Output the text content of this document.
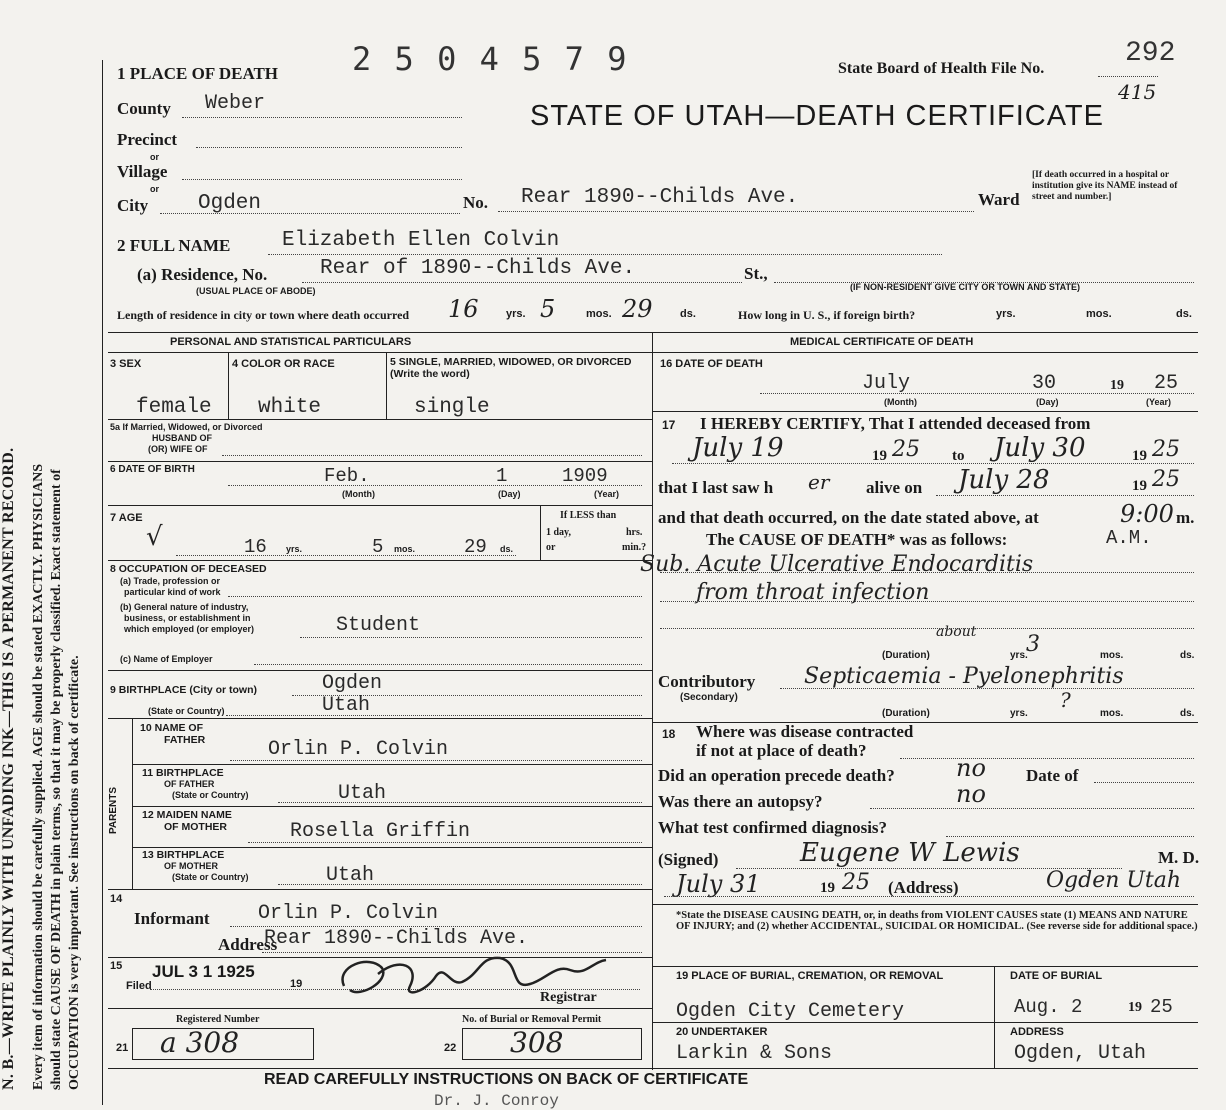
N. B.—WRITE PLAINLY WITH UNFADING INK—THIS IS A PERMANENT RECORD. Every item of information should be carefully supplied. AGE should be stated EXACTLY. PHYSICIANS should state CAUSE OF DEATH in plain terms, so that it may be properly classified. Exact statement of OCCUPATION is very important. See instructions on back of certificate.
1 PLACE OF DEATH 2 5 0 4 5 7 9	State Board of Health File No.	292
415
STATE OF UTAH—DEATH CERTIFICATE
County Weber
Precinct
or
Village
or
City Ogden	No. Rear 1890--Childs Ave.	Ward
[If death occurred in a hospital or institution give its NAME instead of street and number.]
2 FULL NAME Elizabeth Ellen Colvin
(a) Residence, No.	Rear of 1890--Childs Ave.	St.,
(USUAL PLACE OF ABODE)	(IF NON-RESIDENT GIVE CITY OR TOWN AND STATE)
Length of residence in city or town where death occurred 16 yrs. 5	mos. 29 ds.	How long in U. S., if foreign birth?	yrs.	mos.	ds.
PERSONAL AND STATISTICAL PARTICULARS
3 SEX	4 COLOR OR RACE	5 SINGLE, MARRIED, WIDOWED, OR DIVORCED (Write the word)
female white	single
5a If Married, Widowed, or Divorced
HUSBAND OF
(OR) WIFE OF
6 DATE OF BIRTH	Feb.	1	1909
(Month)	(Day)	(Year)
7 AGE
√	16 yrs.	5 mos.	29 ds.
If LESS than
1 day,	hrs.
or	min.?
8 OCCUPATION OF DECEASED
(a) Trade, profession or
particular kind of work
(b) General nature of industry,
business, or establishment in
which employed (or employer)	Student
(c) Name of Employer
9 BIRTHPLACE (City or town)	Ogden
(State or Country)	Utah
PARENTS
10 NAME OF
FATHER	Orlin P. Colvin
11 BIRTHPLACE
OF FATHER
(State or Country)	Utah
12 MAIDEN NAME
OF MOTHER	Rosella Griffin
13 BIRTHPLACE
OF MOTHER
(State or Country)	Utah
14
Informant Orlin P. Colvin
Address
Rear 1890--Childs Ave.
15
Filed
JUL 3 1 1925
19
Registrar
Registered Number
21 a 308
No. of Burial or Removal Permit
22 308
MEDICAL CERTIFICATE OF DEATH
16 DATE OF DEATH
July	30	19 25
(Month)	(Day)	(Year)
17 I HEREBY CERTIFY, That I attended deceased from
July 19	19 25 to July 30	19 25
that I last saw h er alive on July 28	19 25
and that death occurred, on the date stated above, at	9:00 m.
The CAUSE OF DEATH* was as follows:	A.M.
Sub. Acute Ulcerative Endocarditis
from throat infection
about
(Duration)	3
yrs.	mos.	ds.
Contributory Septicaemia - Pyelonephritis
(Secondary)	?
(Duration)	yrs.	mos.	ds.
18 Where was disease contracted
if not at place of death?
Did an operation precede death?	no Date of
Was there an autopsy?	no
What test confirmed diagnosis?
(Signed)	Eugene W Lewis	M. D.
July 31	19 25 (Address)	Ogden Utah
*State the DISEASE CAUSING DEATH, or, in deaths from VIOLENT CAUSES state (1) MEANS AND NATURE OF INJURY; and (2) whether ACCIDENTAL, SUICIDAL OR HOMICIDAL. (See reverse side for additional space.)
19 PLACE OF BURIAL, CREMATION, OR REMOVAL	DATE OF BURIAL
Ogden City Cemetery	Aug. 2	19 25
20 UNDERTAKER
Larkin & Sons
ADDRESS
Ogden, Utah
READ CAREFULLY INSTRUCTIONS ON BACK OF CERTIFICATE
Dr. J. Conroy
